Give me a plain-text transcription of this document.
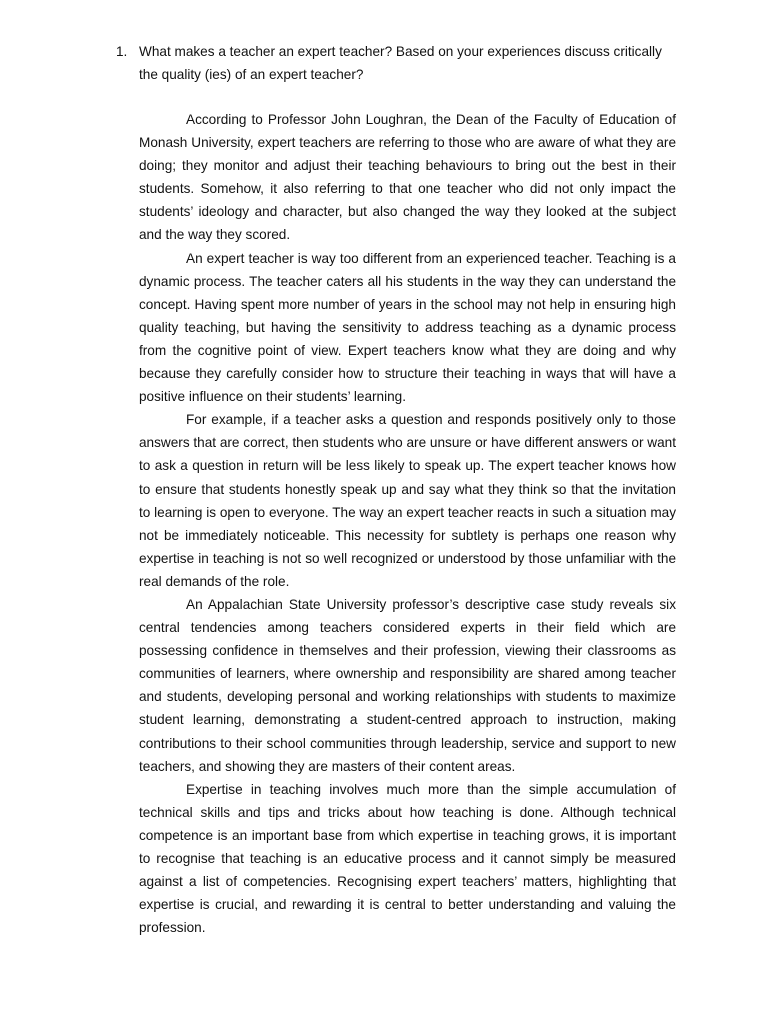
1. What makes a teacher an expert teacher? Based on your experiences discuss critically the quality (ies) of an expert teacher?

According to Professor John Loughran, the Dean of the Faculty of Education of Monash University, expert teachers are referring to those who are aware of what they are doing; they monitor and adjust their teaching behaviours to bring out the best in their students. Somehow, it also referring to that one teacher who did not only impact the students’ ideology and character, but also changed the way they looked at the subject and the way they scored.

An expert teacher is way too different from an experienced teacher. Teaching is a dynamic process. The teacher caters all his students in the way they can understand the concept. Having spent more number of years in the school may not help in ensuring high quality teaching, but having the sensitivity to address teaching as a dynamic process from the cognitive point of view. Expert teachers know what they are doing and why because they carefully consider how to structure their teaching in ways that will have a positive influence on their students’ learning.

For example, if a teacher asks a question and responds positively only to those answers that are correct, then students who are unsure or have different answers or want to ask a question in return will be less likely to speak up. The expert teacher knows how to ensure that students honestly speak up and say what they think so that the invitation to learning is open to everyone. The way an expert teacher reacts in such a situation may not be immediately noticeable. This necessity for subtlety is perhaps one reason why expertise in teaching is not so well recognized or understood by those unfamiliar with the real demands of the role.

An Appalachian State University professor’s descriptive case study reveals six central tendencies among teachers considered experts in their field which are possessing confidence in themselves and their profession, viewing their classrooms as communities of learners, where ownership and responsibility are shared among teacher and students, developing personal and working relationships with students to maximize student learning, demonstrating a student-centred approach to instruction, making contributions to their school communities through leadership, service and support to new teachers, and showing they are masters of their content areas.

Expertise in teaching involves much more than the simple accumulation of technical skills and tips and tricks about how teaching is done. Although technical competence is an important base from which expertise in teaching grows, it is important to recognise that teaching is an educative process and it cannot simply be measured against a list of competencies. Recognising expert teachers’ matters, highlighting that expertise is crucial, and rewarding it is central to better understanding and valuing the profession.
